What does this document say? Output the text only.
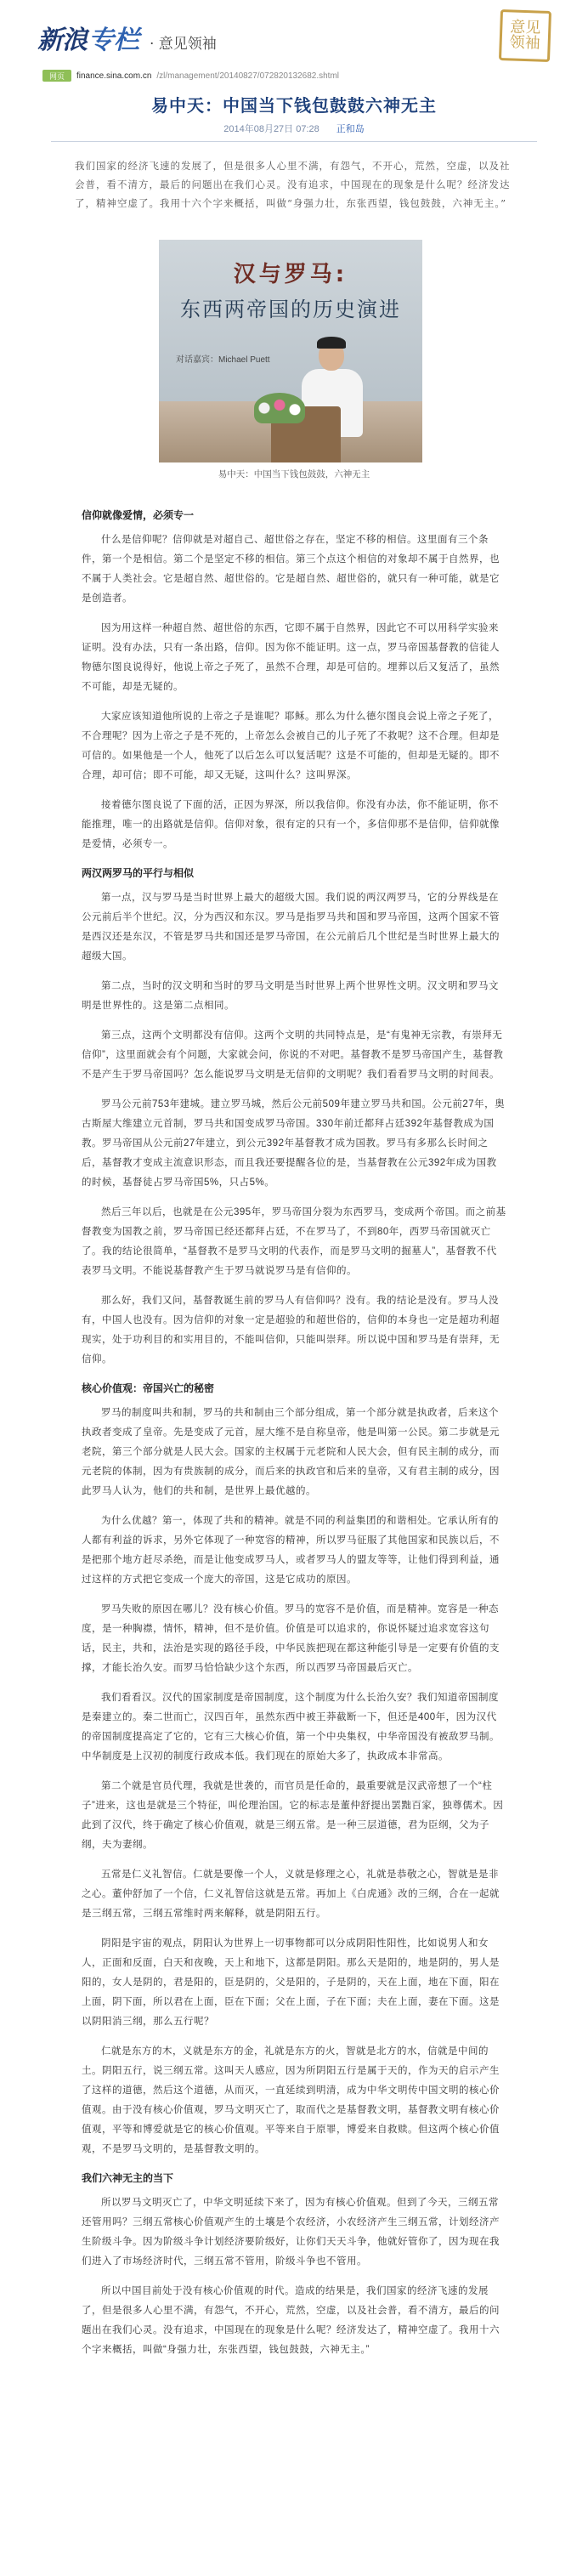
新浪 专栏 · 意见领袖
意见领袖
网页	finance.sina.com.cn /zl/management/20140827/072820132682.shtml
易中天：中国当下钱包鼓鼓六神无主
2014年08月27日 07:28 正和岛
我们国家的经济飞速的发展了，但是很多人心里不满，有怨气，不开心，荒然，空虚，以及社会普，看不清方，最后的问题出在我们心灵。没有追求，中国现在的现象是什么呢？经济发达了，精神空虚了。我用十六个字来概括，叫做“身强力壮，东张西望，钱包鼓鼓，六神无主。”
汉与罗马:
东西两帝国的历史演进
对话嘉宾：Michael Puett
易中天：中国当下钱包鼓鼓，六神无主
信仰就像爱情，必须专一

什么是信仰呢？信仰就是对超自己、超世俗之存在，坚定不移的相信。这里面有三个条件，第一个是相信。第二个是坚定不移的相信。第三个点这个相信的对象却不属于自然界，也不属于人类社会。它是超自然、超世俗的。它是超自然、超世俗的，就只有一种可能，就是它是创造者。

因为用这样一种超自然、超世俗的东西，它即不属于自然界，因此它不可以用科学实验来证明。没有办法，只有一条出路，信仰。因为你不能证明。这一点，罗马帝国基督教的信徒人物德尔图良说得好，他说上帝之子死了，虽然不合理，却是可信的。埋葬以后又复活了，虽然不可能，却是无疑的。

大家应该知道他所说的上帝之子是谁呢？耶稣。那么为什么德尔图良会说上帝之子死了，不合理呢？因为上帝之子是不死的，上帝怎么会被自己的儿子死了不救呢？这不合理。但却是可信的。如果他是一个人，他死了以后怎么可以复活呢？这是不可能的，但却是无疑的。即不合理，却可信；即不可能，却又无疑，这叫什么？这叫界深。

接着德尔图良说了下面的活，正因为界深，所以我信仰。你没有办法，你不能证明，你不能推理，唯一的出路就是信仰。信仰对象，很有定的只有一个，多信仰那不是信仰，信仰就像是爱情，必须专一。

两汉两罗马的平行与相似

第一点，汉与罗马是当时世界上最大的超级大国。我们说的两汉两罗马，它的分界线是在公元前后半个世纪。汉，分为西汉和东汉。罗马是指罗马共和国和罗马帝国，这两个国家不管是西汉还是东汉，不管是罗马共和国还是罗马帝国，在公元前后几个世纪是当时世界上最大的超级大国。

第二点，当时的汉文明和当时的罗马文明是当时世界上两个世界性文明。汉文明和罗马文明是世界性的。这是第二点相同。

第三点，这两个文明都没有信仰。这两个文明的共同特点是，是“有鬼神无宗教，有崇拜无信仰”，这里面就会有个问题，大家就会问，你说的不对吧。基督教不是罗马帝国产生，基督教不是产生于罗马帝国吗？怎么能说罗马文明是无信仰的文明呢？我们看看罗马文明的时间表。

罗马公元前753年建城。建立罗马城，然后公元前509年建立罗马共和国。公元前27年，奥古斯屋大维建立元首制，罗马共和国变成罗马帝国。330年前迁都拜占廷392年基督教成为国教。罗马帝国从公元前27年建立，到公元392年基督教才成为国教。罗马有多那么长时间之后，基督教才变成主流意识形态，而且我还要提醒各位的是，当基督教在公元392年成为国教的时候，基督徒占罗马帝国5%，只占5%。

然后三年以后，也就是在公元395年，罗马帝国分裂为东西罗马，变成两个帝国。而之前基督教变为国教之前，罗马帝国已经还都拜占廷，不在罗马了，不到80年，西罗马帝国就灭亡了。我的结论很简单，“基督教不是罗马文明的代表作，而是罗马文明的掘墓人”，基督教不代表罗马文明。不能说基督教产生于罗马就说罗马是有信仰的。

那么好，我们又问，基督教诞生前的罗马人有信仰吗？没有。我的结论是没有。罗马人没有，中国人也没有。因为信仰的对象一定是超验的和超世俗的，信仰的本身也一定是超功利超现实，处于功利目的和实用目的，不能叫信仰，只能叫崇拜。所以说中国和罗马是有崇拜，无信仰。

核心价值观：帝国兴亡的秘密

罗马的制度叫共和制，罗马的共和制由三个部分组成，第一个部分就是执政者，后来这个执政者变成了皇帝。先是变成了元首，屋大维不是自称皇帝，他是叫第一公民。第二步就是元老院，第三个部分就是人民大会。国家的主权属于元老院和人民大会，但有民主制的成分，而元老院的体制，因为有贵族制的成分，而后来的执政官和后来的皇帝，又有君主制的成分，因此罗马人认为，他们的共和制，是世界上最优越的。

为什么优越？第一，体现了共和的精神。就是不同的利益集团的和谐相处。它承认所有的人都有利益的诉求，另外它体现了一种宽容的精神，所以罗马征服了其他国家和民族以后，不是把那个地方赶尽杀绝，而是让他变成罗马人，或者罗马人的盟友等等，让他们得到利益，通过这样的方式把它变成一个庞大的帝国，这是它成功的原因。

罗马失败的原因在哪儿？没有核心价值。罗马的宽容不是价值，而是精神。宽容是一种态度，是一种胸襟，情怀，精神，但不是价值。价值是可以追求的，你说怀疑过追求宽容这句话，民主，共和，法治是实现的路径手段，中华民族把现在都这种能引导是一定要有价值的支撑，才能长治久安。而罗马恰恰缺少这个东西，所以西罗马帝国最后灭亡。

我们看看汉。汉代的国家制度是帝国制度，这个制度为什么长治久安？我们知道帝国制度是秦建立的。秦二世而亡，汉四百年，虽然东西中被王莽截断一下，但还是400年，因为汉代的帝国制度提高定了它的，它有三大核心价值，第一个中央集权，中华帝国没有被敌罗马制。中华制度是上汉初的制度行政成本低。我们现在的原始大多了，执政成本非常高。

第二个就是官员代理，我就是世袭的，而官员是任命的，最重要就是汉武帝想了一个“柱子”进来，这也是就是三个特征，叫伦理治国。它的标志是董仲舒提出罢黜百家，独尊儒术。因此到了汉代，终于确定了核心价值观，就是三纲五常。是一种三层道德，君为臣纲，父为子纲，夫为妻纲。

五常是仁义礼智信。仁就是要像一个人，义就是修理之心，礼就是恭敬之心，智就是是非之心。董仲舒加了一个信，仁义礼智信这就是五常。再加上《白虎通》改的三纲，合在一起就是三纲五常，三纲五常维时两来解释，就是阴阳五行。

阴阳是宇宙的观点，阴阳认为世界上一切事物都可以分成阴阳性阳性，比如说男人和女人，正面和反面，白天和夜晚，天上和地下，这都是阴阳。那么天是阳的，地是阴的，男人是阳的，女人是阴的，君是阳的，臣是阴的，父是阳的，子是阴的，天在上面，地在下面，阳在上面，阴下面，所以君在上面，臣在下面；父在上面，子在下面；夫在上面，妻在下面。这是以阴阳消三纲，那么五行呢？

仁就是东方的木，义就是东方的金，礼就是东方的火，智就是北方的水，信就是中间的土。阴阳五行，说三纲五常。这叫天人感应，因为所阴阳五行是属于天的，作为天的启示产生了这样的道德，然后这个道德，从而灭，一直延续到明清，成为中华文明传中国文明的核心价值观。由于没有核心价值观，罗马文明灭亡了，取而代之是基督教文明，基督教文明有核心价值观，平等和博爱就是它的核心价值观。平等来自于原罪，博爱来自救赎。但这两个核心价值观，不是罗马文明的，是基督教文明的。

我们六神无主的当下

所以罗马文明灭亡了，中华文明延续下来了，因为有核心价值观。但到了今天，三纲五常还管用吗？三纲五常核心价值观产生的土壤是个农经济，小农经济产生三纲五常，计划经济产生阶级斗争。因为阶级斗争计划经济要阶级好，让你们天天斗争，他就好管你了，因为现在我们进入了市场经济时代，三纲五常不管用，阶级斗争也不管用。

所以中国目前处于没有核心价值观的时代。造成的结果是，我们国家的经济飞速的发展了，但是很多人心里不满，有怨气，不开心，荒然，空虚，以及社会普，看不清方，最后的问题出在我们心灵。没有追求，中国现在的现象是什么呢？经济发达了，精神空虚了。我用十六个字来概括，叫做“身强力壮，东张西望，钱包鼓鼓，六神无主。”
